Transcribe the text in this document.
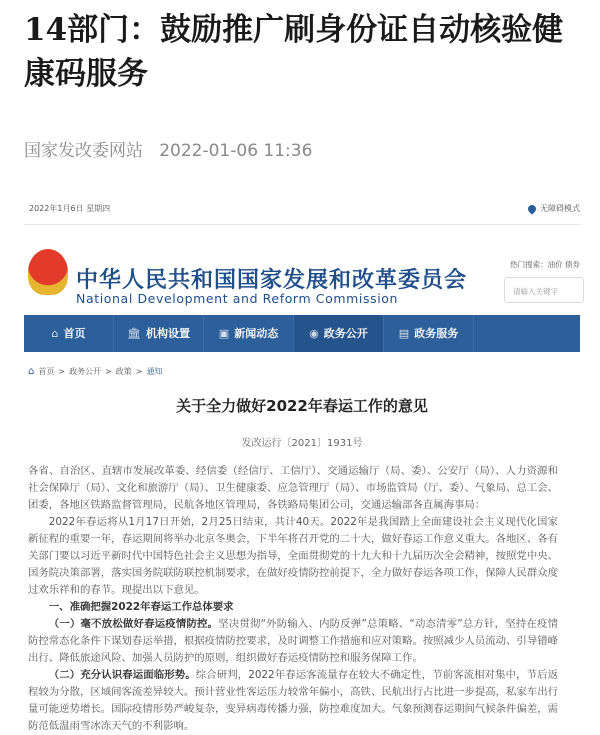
14部门：鼓励推广刷身份证自动核验健康码服务
国家发改委网站 2022-01-06 11:36
2022年1月6日 星期四	无障碍模式
中华人民共和国国家发展和改革委员会
National Development and Reform Commission
热门搜索：油价 债券
请输入关键字
⌂ 首页	🏛 机构设置	▣ 新闻动态	◉ 政务公开	▤ 政务服务
⌂ 首页 > 政务公开 > 政策 > 通知
关于全力做好2022年春运工作的意见
发改运行〔2021〕1931号

各省、自治区、直辖市发展改革委、经信委（经信厅、工信厅）、交通运输厅（局、委）、公安厅（局）、人力资源和社会保障厅（局）、文化和旅游厅（局）、卫生健康委、应急管理厅（局）、市场监管局（厅、委）、气象局、总工会、团委，各地区铁路监督管理局，民航各地区管理局，各铁路局集团公司，交通运输部各直属海事局：

2022年春运将从1月17日开始，2月25日结束，共计40天。2022年是我国踏上全面建设社会主义现代化国家新征程的重要一年，春运期间将举办北京冬奥会，下半年将召开党的二十大，做好春运工作意义重大。各地区、各有关部门要以习近平新时代中国特色社会主义思想为指导，全面贯彻党的十九大和十九届历次全会精神，按照党中央、国务院决策部署，落实国务院联防联控机制要求，在做好疫情防控前提下，全力做好春运各项工作，保障人民群众度过欢乐祥和的春节。现提出以下意见。

一、准确把握2022年春运工作总体要求

（一）毫不放松做好春运疫情防控。坚决贯彻“外防输入、内防反弹”总策略、“动态清零”总方针，坚持在疫情防控常态化条件下谋划春运举措，根据疫情防控要求，及时调整工作措施和应对策略。按照减少人员流动、引导错峰出行、降低旅途风险、加强人员防护的原则，组织做好春运疫情防控和服务保障工作。

（二）充分认识春运面临形势。综合研判，2022年春运客流量存在较大不确定性，节前客流相对集中，节后返程较为分散，区域间客流差异较大。预计营业性客运压力较常年偏小，高铁、民航出行占比进一步提高，私家车出行量可能逆势增长。国际疫情形势严峻复杂，变异病毒传播力强，防控难度加大。气象预测春运期间气候条件偏差，需防范低温雨雪冰冻天气的不利影响。
